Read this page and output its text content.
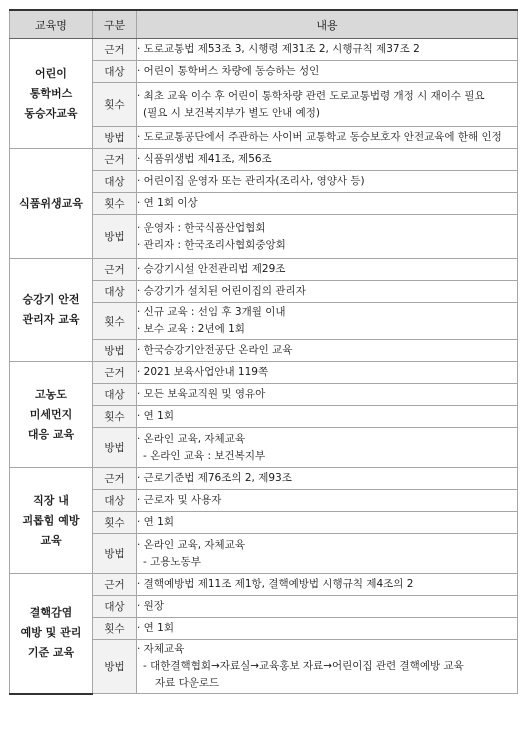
교육명	구분	내용

어린이
통학버스
동승자교육	근거	· 도로교통법 제53조 3, 시행령 제31조 2, 시행규칙 제37조 2

	대상	· 어린이 통학버스 차량에 동승하는 성인

	횟수	· 최초 교육 이수 후 어린이 통학차량 관련 도로교통법령 개정 시 재이수 필요
(필요 시 보건복지부가 별도 안내 예정)

	방법	· 도로교통공단에서 주관하는 사이버 교통학교 동승보호자 안전교육에 한해 인정

식품위생교육	근거	· 식품위생법 제41조, 제56조

	대상	· 어린이집 운영자 또는 관리자(조리사, 영양사 등)

	횟수	· 연 1회 이상

	방법	· 운영자 : 한국식품산업협회
· 관리자 : 한국조리사협회중앙회

승강기 안전
관리자 교육	근거	· 승강기시설 안전관리법 제29조

	대상	· 승강기가 설치된 어린이집의 관리자

	횟수	· 신규 교육 : 선임 후 3개월 이내
· 보수 교육 : 2년에 1회

	방법	· 한국승강기안전공단 온라인 교육

고농도
미세먼지
대응 교육	근거	· 2021 보육사업안내 119쪽

	대상	· 모든 보육교직원 및 영유아

	횟수	· 연 1회

	방법	· 온라인 교육, 자체교육
- 온라인 교육 : 보건복지부

직장 내
괴롭힘 예방
교육	근거	· 근로기준법 제76조의 2, 제93조

	대상	· 근로자 및 사용자

	횟수	· 연 1회

	방법	· 온라인 교육, 자체교육
- 고용노동부

결핵감염
예방 및 관리
기준 교육	근거	· 결핵예방법 제11조 제1항, 결핵예방법 시행규칙 제4조의 2

	대상	· 원장

	횟수	· 연 1회

	방법	· 자체교육
- 대한결핵협회→자료실→교육홍보 자료→어린이집 관련 결핵예방 교육
자료 다운로드
